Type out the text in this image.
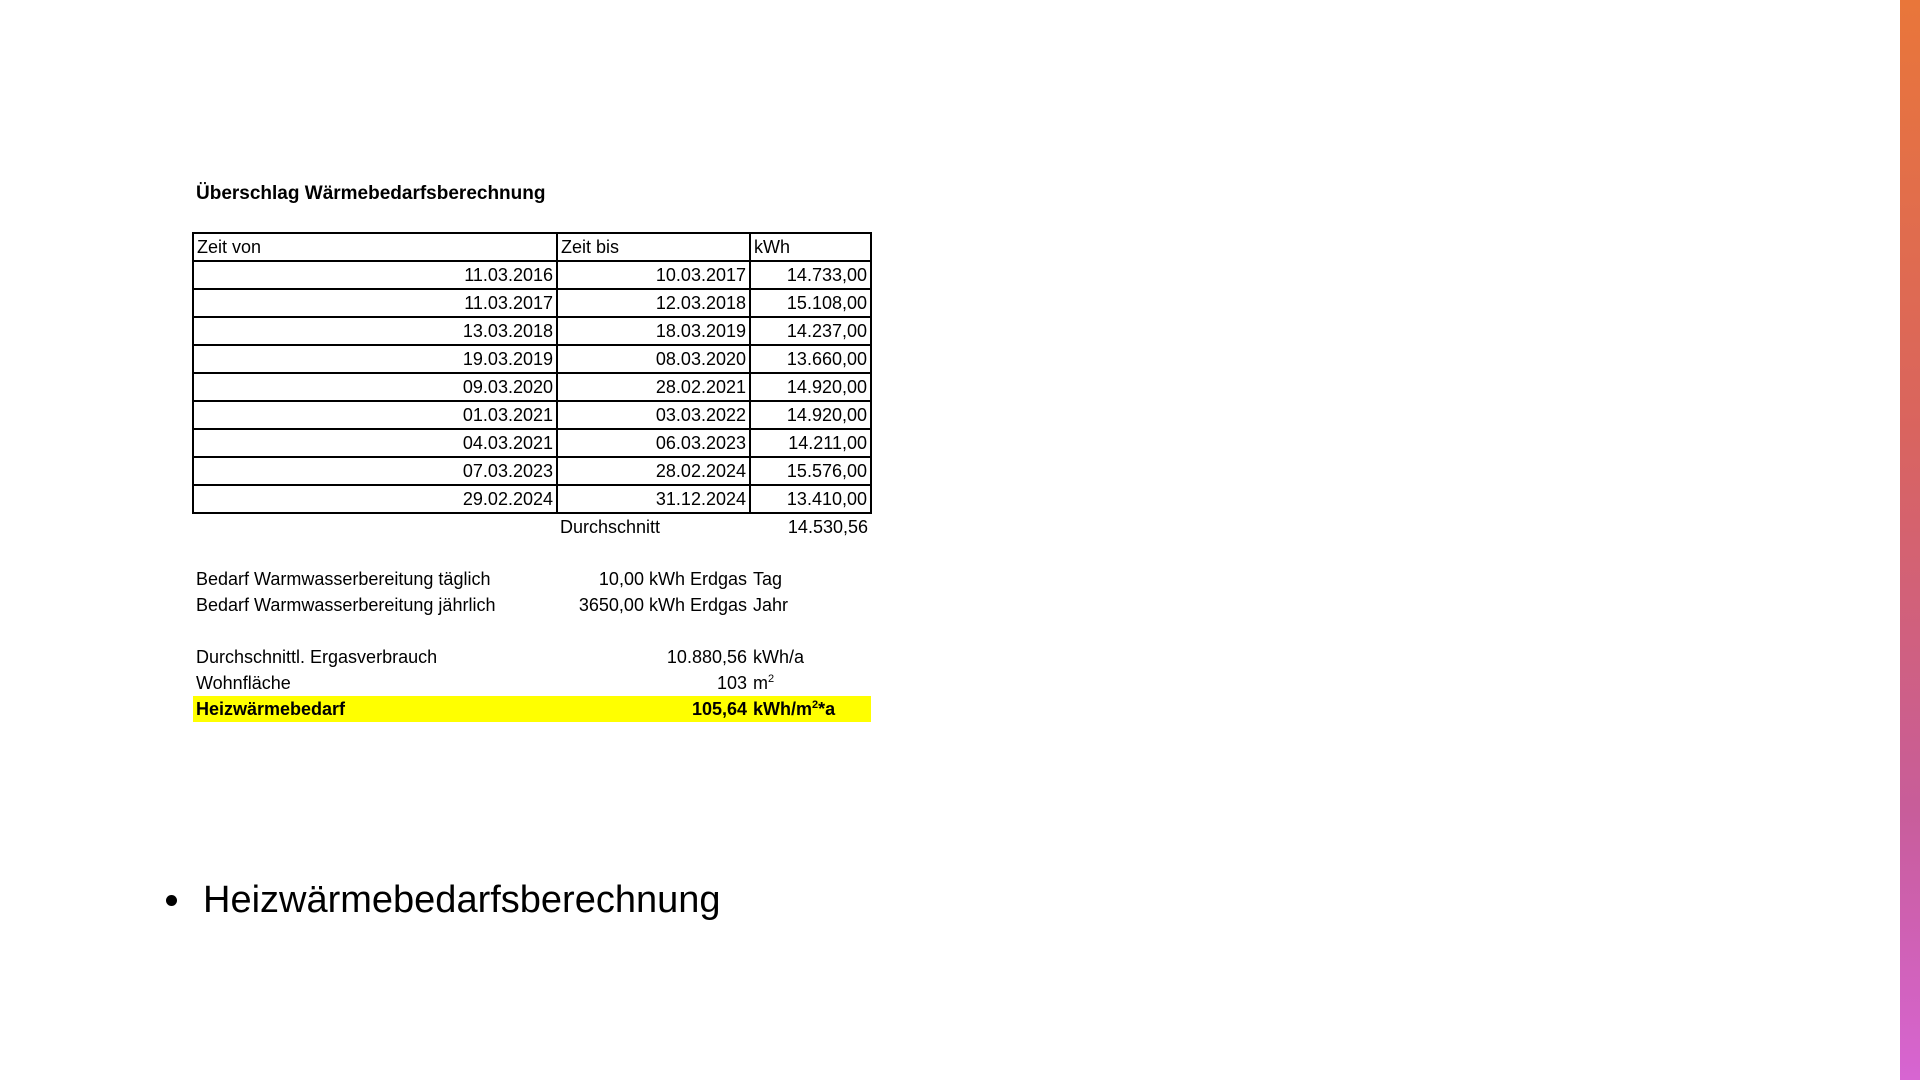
Überschlag Wärmebedarfsberechnung
Zeit von	Zeit bis	kWh
11.03.2016	10.03.2017	14.733,00
11.03.2017	12.03.2018	15.108,00
13.03.2018	18.03.2019	14.237,00
19.03.2019	08.03.2020	13.660,00
09.03.2020	28.02.2021	14.920,00
01.03.2021	03.03.2022	14.920,00
04.03.2021	06.03.2023	14.211,00
07.03.2023	28.02.2024	15.576,00
29.02.2024	31.12.2024	13.410,00
	Durchschnitt	14.530,56

Bedarf Warmwasserbereitung täglich	10,00 kWh Erdgas	Tag
Bedarf Warmwasserbereitung jährlich	3650,00 kWh Erdgas	Jahr

Durchschnittl. Ergasverbrauch	10.880,56	kWh/a
Wohnfläche	103	$m^2$
Heizwärmebedarf	105,64	kWh/$m^2*a$
Heizwärmebedarfsberechnung
